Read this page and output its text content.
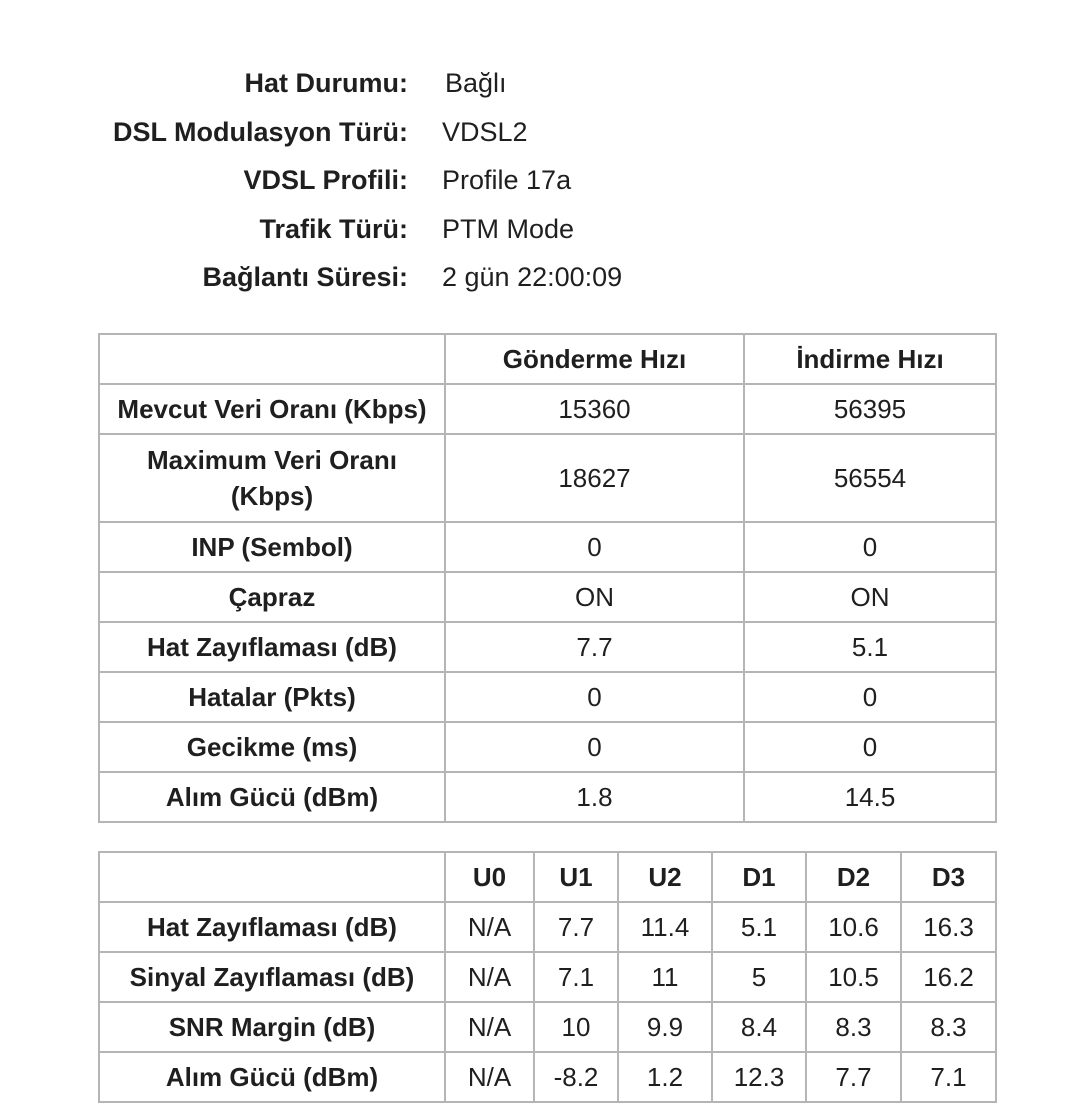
Hat Durumu: Bağlı
DSL Modulasyon Türü: VDSL2
VDSL Profili: Profile 17a
Trafik Türü: PTM Mode
Bağlantı Süresi: 2 gün 22:00:09
	Gönderme Hızı	İndirme Hızı
Mevcut Veri Oranı (Kbps)	15360	56395
Maximum Veri Oranı (Kbps)	18627	56554
INP (Sembol)	0	0
Çapraz	ON	ON
Hat Zayıflaması (dB)	7.7	5.1
Hatalar (Pkts)	0	0
Gecikme (ms)	0	0
Alım Gücü (dBm)	1.8	14.5
	U0	U1	U2	D1	D2	D3
Hat Zayıflaması (dB)	N/A	7.7	11.4	5.1	10.6	16.3
Sinyal Zayıflaması (dB)	N/A	7.1	11	5	10.5	16.2
SNR Margin (dB)	N/A	10	9.9	8.4	8.3	8.3
Alım Gücü (dBm)	N/A	-8.2	1.2	12.3	7.7	7.1
